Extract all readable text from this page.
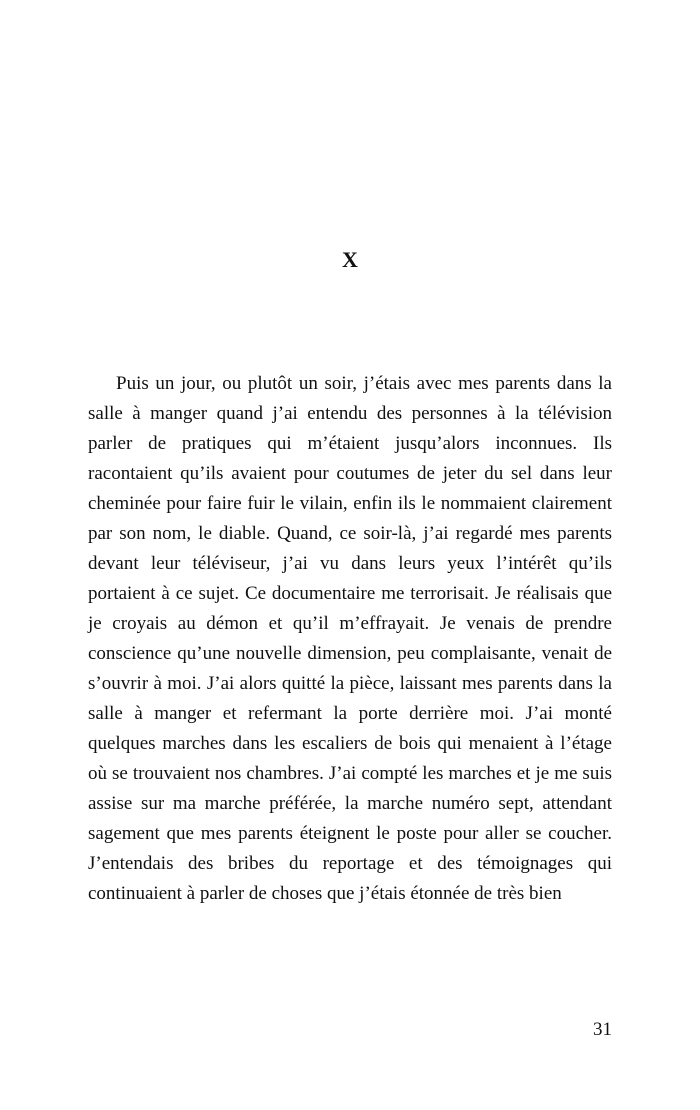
X

Puis un jour, ou plutôt un soir, j’étais avec mes parents dans la salle à manger quand j’ai entendu des personnes à la télévision parler de pratiques qui m’étaient jusqu’alors inconnues. Ils racontaient qu’ils avaient pour coutumes de jeter du sel dans leur cheminée pour faire fuir le vilain, enfin ils le nommaient clairement par son nom, le diable. Quand, ce soir-là, j’ai regardé mes parents devant leur téléviseur, j’ai vu dans leurs yeux l’intérêt qu’ils portaient à ce sujet. Ce documentaire me terrorisait. Je réalisais que je croyais au démon et qu’il m’effrayait. Je venais de prendre conscience qu’une nouvelle dimension, peu complaisante, venait de s’ouvrir à moi. J’ai alors quitté la pièce, laissant mes parents dans la salle à manger et refermant la porte derrière moi. J’ai monté quelques marches dans les escaliers de bois qui menaient à l’étage où se trouvaient nos chambres. J’ai compté les marches et je me suis assise sur ma marche préférée, la marche numéro sept, attendant sagement que mes parents éteignent le poste pour aller se coucher. J’entendais des bribes du reportage et des témoignages qui continuaient à parler de choses que j’étais étonnée de très bien

31
